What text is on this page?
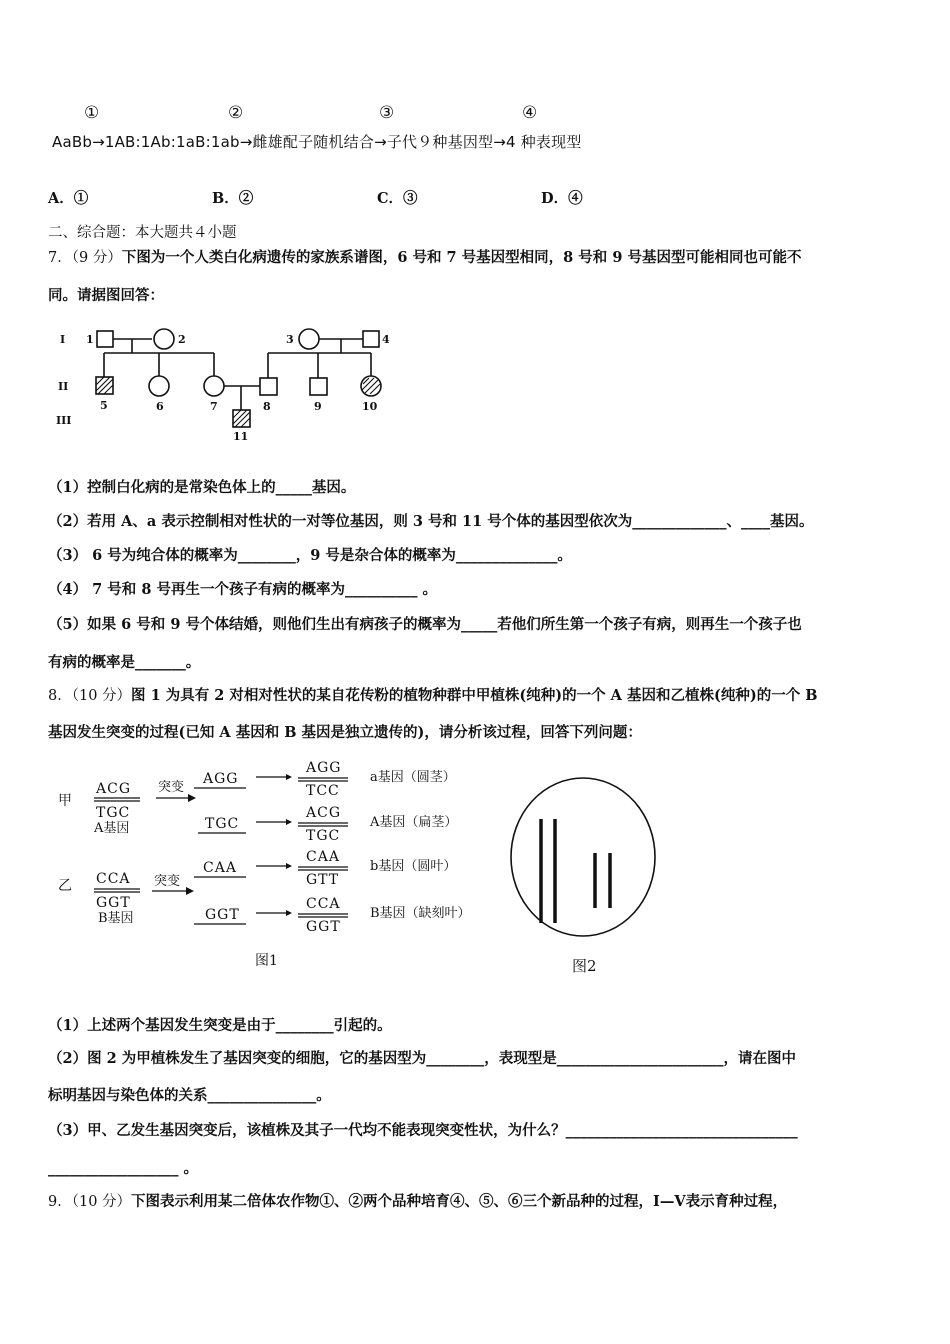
①	②	③	④
AaBb→1AB:1Ab:1aB:1ab→雌雄配子随机结合→子代９种基因型→4 种表现型
A．①	B．②	C．③	D．④
二、综合题：本大题共４小题
7．（9 分）下图为一个人类白化病遗传的家族系谱图，6 号和 7 号基因型相同，8 号和 9 号基因型可能相同也可能不
同。请据图回答：
I
II
III
1	2	3	4
5	6	7	8	9	10
11
（1）控制白化病的是常染色体上的_____基因。
（2）若用 A、a 表示控制相对性状的一对等位基因，则 3 号和 11 号个体的基因型依次为_____________、____基因。
（3） 6 号为纯合体的概率为________，9 号是杂合体的概率为______________。
（4） 7 号和 8 号再生一个孩子有病的概率为__________ 。
（5）如果 6 号和 9 号个体结婚，则他们生出有病孩子的概率为_____若他们所生第一个孩子有病，则再生一个孩子也
有病的概率是_______。
8．（10 分）图 1 为具有 2 对相对性状的某自花传粉的植物种群中甲植株(纯种)的一个 A 基因和乙植株(纯种)的一个 B
基因发生突变的过程(已知 A 基因和 B 基因是独立遗传的)，请分析该过程，回答下列问题：
甲
乙
ACG
TGC
CCA
GGT
A基因
B基因
突变
突变
AGG
TGC
CAA
GGT
AGG
TCC
ACG
TGC
CAA
GTT
CCA
GGT
a基因（圆茎）
A基因（扁茎）
b基因（圆叶）
B基因（缺刻叶）
图1	图2
（1）上述两个基因发生突变是由于________引起的。
（2）图 2 为甲植株发生了基因突变的细胞，它的基因型为________，表现型是_______________________，请在图中
标明基因与染色体的关系_______________。
（3）甲、乙发生基因突变后，该植株及其子一代均不能表现突变性状，为什么？________________________________
__________________ 。
9．（10 分）下图表示利用某二倍体农作物①、②两个品种培育④、⑤、⑥三个新品种的过程，Ⅰ—Ⅴ表示育种过程，
